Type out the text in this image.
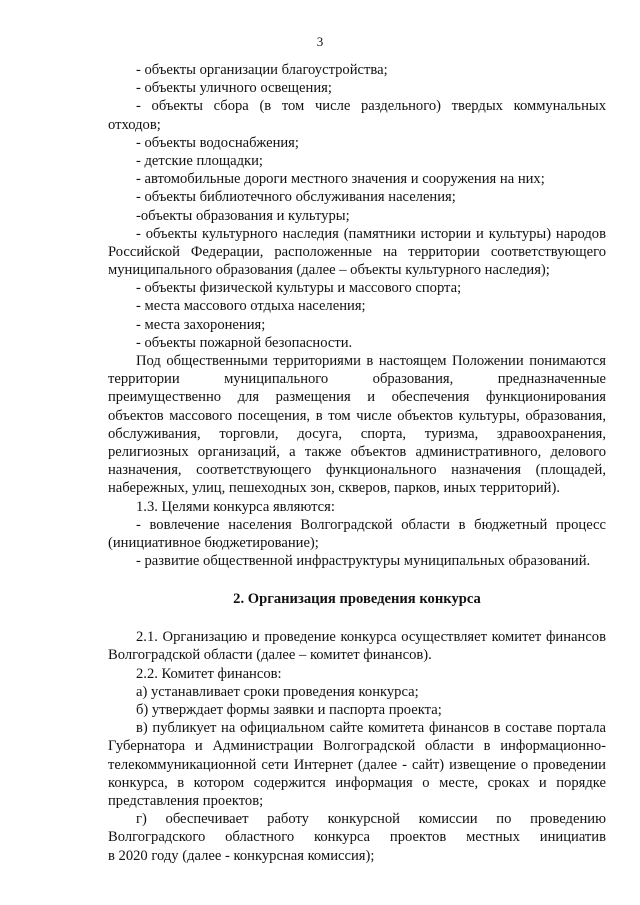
3
- объекты организации благоустройства;
- объекты уличного освещения;
- объекты сбора (в том числе раздельного) твердых коммунальных
отходов;
- объекты водоснабжения;
- детские площадки;
- автомобильные дороги местного значения и сооружения на них;
- объекты библиотечного обслуживания населения;
-объекты образования и культуры;
- объекты культурного наследия (памятники истории и культуры) народов
Российской Федерации, расположенные на территории соответствующего
муниципального образования (далее – объекты культурного наследия);
- объекты физической культуры и массового спорта;
- места массового отдыха населения;
- места захоронения;
- объекты пожарной безопасности.
Под общественными территориями в настоящем Положении понимаются
территории муниципального образования, предназначенные
преимущественно для размещения и обеспечения функционирования
объектов массового посещения, в том числе объектов культуры, образования,
обслуживания, торговли, досуга, спорта, туризма, здравоохранения,
религиозных организаций, а также объектов административного, делового
назначения, соответствующего функционального назначения (площадей,
набережных, улиц, пешеходных зон, скверов, парков, иных территорий).
1.3. Целями конкурса являются:
- вовлечение населения Волгоградской области в бюджетный процесс
(инициативное бюджетирование);
- развитие общественной инфраструктуры муниципальных образований.
2. Организация проведения конкурса
2.1. Организацию и проведение конкурса осуществляет комитет финансов
Волгоградской области (далее – комитет финансов).
2.2. Комитет финансов:
а) устанавливает сроки проведения конкурса;
б) утверждает формы заявки и паспорта проекта;
в) публикует на официальном сайте комитета финансов в составе портала
Губернатора и Администрации Волгоградской области в информационно-
телекоммуникационной сети Интернет (далее - сайт) извещение о проведении
конкурса, в котором содержится информация о месте, сроках и порядке
представления проектов;
г) обеспечивает работу конкурсной комиссии по проведению
Волгоградского областного конкурса проектов местных инициатив
в 2020 году (далее - конкурсная комиссия);
